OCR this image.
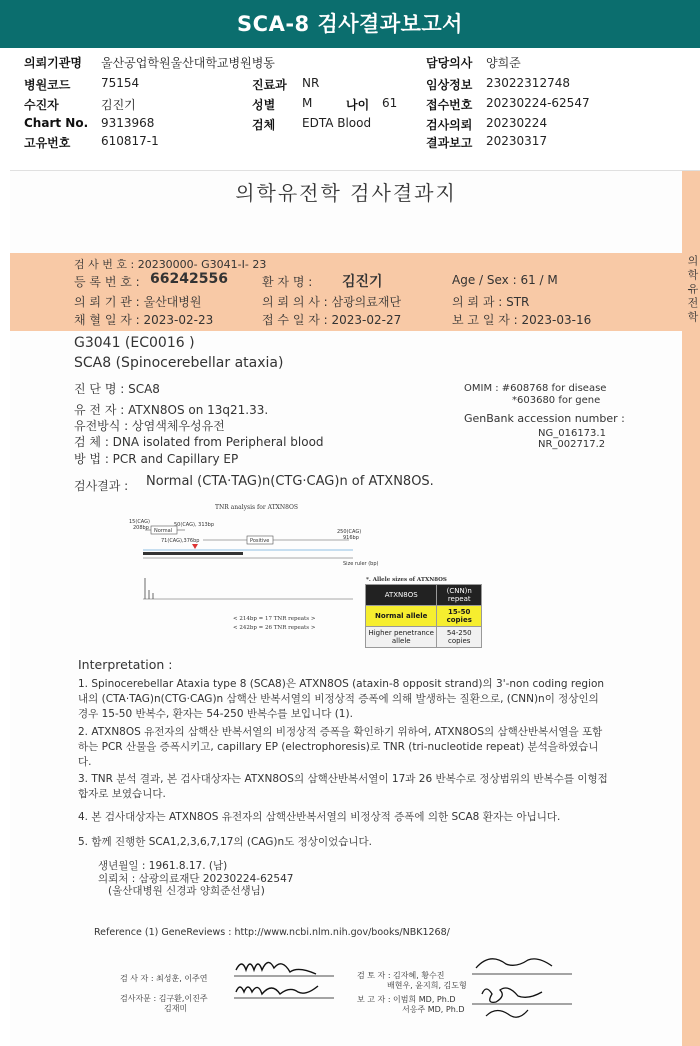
SCA-8 검사결과보고서
의뢰기관명 울산공업학원울산대학교병원병동	담당의사 양희준
병원코드	75154	진료과 NR	임상정보 23022312748
수진자	김진기	성별 M	나이 61 접수번호 20230224-62547
Chart No. 9313968	검체 EDTA Blood	검사의뢰 20230224
고유번호	610817-1	결과보고 20230317
의학유전학 검사결과지
검 사 번 호 : 20230000- G3041-I- 23
등 록 번 호 : 66242556	환 자 명 : 김진기	Age / Sex : 61 / M
의 뢰 기 관 : 울산대병원	의 뢰 의 사 : 삼광의료재단	의 뢰 과 : STR
채 혈 일 자 : 2023-02-23	접 수 일 자 : 2023-02-27	보 고 일 자 : 2023-03-16	의학유전학
G3041 (EC0016 )
SCA8 (Spinocerebellar ataxia)
OMIM : #608768 for disease
*603680 for gene
GenBank accession number :
NG_016173.1
NR_002717.2
진 단 명 : SCA8
유 전 자 : ATXN8OS on 13q21.33.
유전방식 : 상염색체우성유전
검 체 : DNA isolated from Peripheral blood
방 법 : PCR and Capillary EP
검사결과 : Normal (CTA·TAG)n(CTG·CAG)n of ATXN8OS.
TNR analysis for ATXN8OS
15(CAG)
208bp Normal
50(CAG), 313bp
71(CAG),376bp	Positive
250(CAG)
916bp
Size ruler (bp)
< 214bp = 17 TNR repeats >
< 242bp = 26 TNR repeats >
*. Allele sizes of ATXN8OS
ATXN8OS	(CNN)n repeat
Normal allele	15-50 copies
Higher penetrance allele	54-250 copies
Interpretation :
1. Spinocerebellar Ataxia type 8 (SCA8)은 ATXN8OS (ataxin-8 opposit strand)의 3'-non coding region 내의 (CTA·TAG)n(CTG·CAG)n 삼핵산 반복서열의 비정상적 증폭에 의해 발생하는 질환으로, (CNN)n이 정상인의 경우 15-50 반복수, 환자는 54-250 반복수를 보입니다 (1).
2. ATXN8OS 유전자의 삼핵산 반복서열의 비정상적 증폭을 확인하기 위하여, ATXN8OS의 삼핵산반복서열을 포함하는 PCR 산물을 증폭시키고, capillary EP (electrophoresis)로 TNR (tri-nucleotide repeat) 분석을하였습니다.
3. TNR 분석 결과, 본 검사대상자는 ATXN8OS의 삼핵산반복서열이 17과 26 반복수로 정상범위의 반복수를 이형접합자로 보였습니다.
4. 본 검사대상자는 ATXN8OS 유전자의 삼핵산반복서열의 비정상적 증폭에 의한 SCA8 환자는 아닙니다.
5. 함께 진행한 SCA1,2,3,6,7,17의 (CAG)n도 정상이었습니다.
생년월일 : 1961.8.17. (남)
의뢰처 : 삼광의료재단 20230224-62547
(울산대병원 신경과 양희준선생님)
Reference (1) GeneReviews : http://www.ncbi.nlm.nih.gov/books/NBK1268/
검 사 자 : 최성훈, 이주연
검사자문 : 김구환,이진주
김재미
검 토 자 : 김자혜, 황수진
배현우, 윤지희, 김도형
보 고 자 : 이범희 MD, Ph.D
서응주 MD, Ph.D
